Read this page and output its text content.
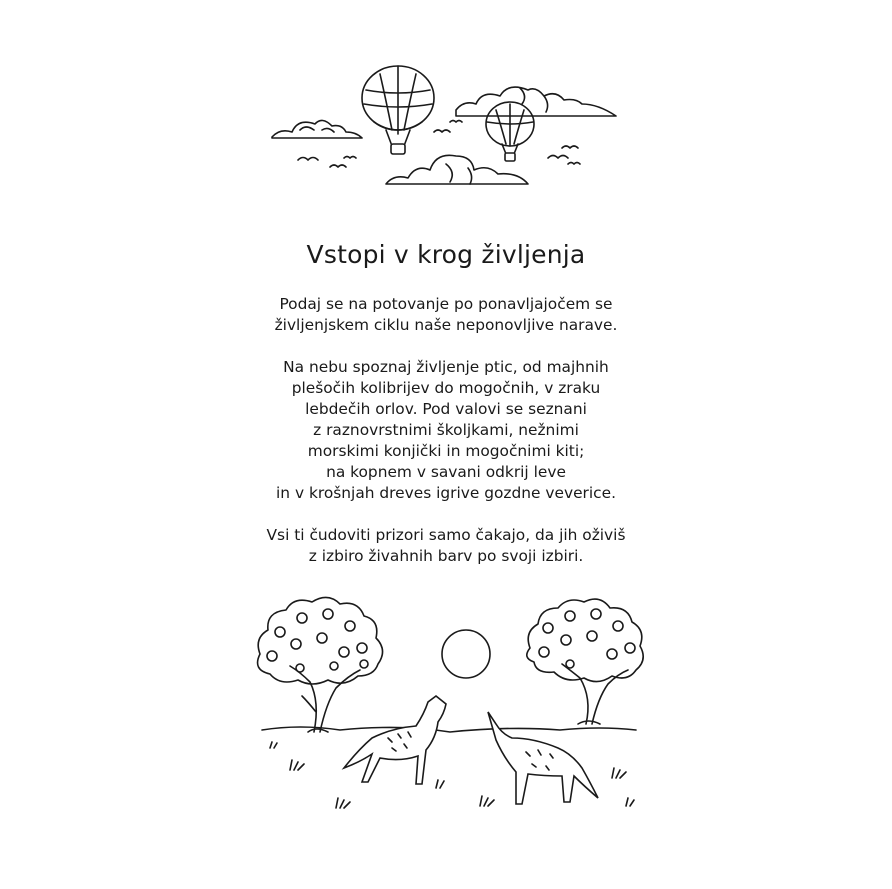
Vstopi v krog življenja

Podaj se na potovanje po ponavljajočem se
življenjskem ciklu naše neponovljive narave.

Na nebu spoznaj življenje ptic, od majhnih
plešočih kolibrijev do mogočnih, v zraku
lebdečih orlov. Pod valovi se seznani
z raznovrstnimi školjkami, nežnimi
morskimi konjički in mogočnimi kiti;
na kopnem v savani odkrij leve
in v krošnjah dreves igrive gozdne veverice.

Vsi ti čudoviti prizori samo čakajo, da jih oživiš
z izbiro živahnih barv po svoji izbiri.
